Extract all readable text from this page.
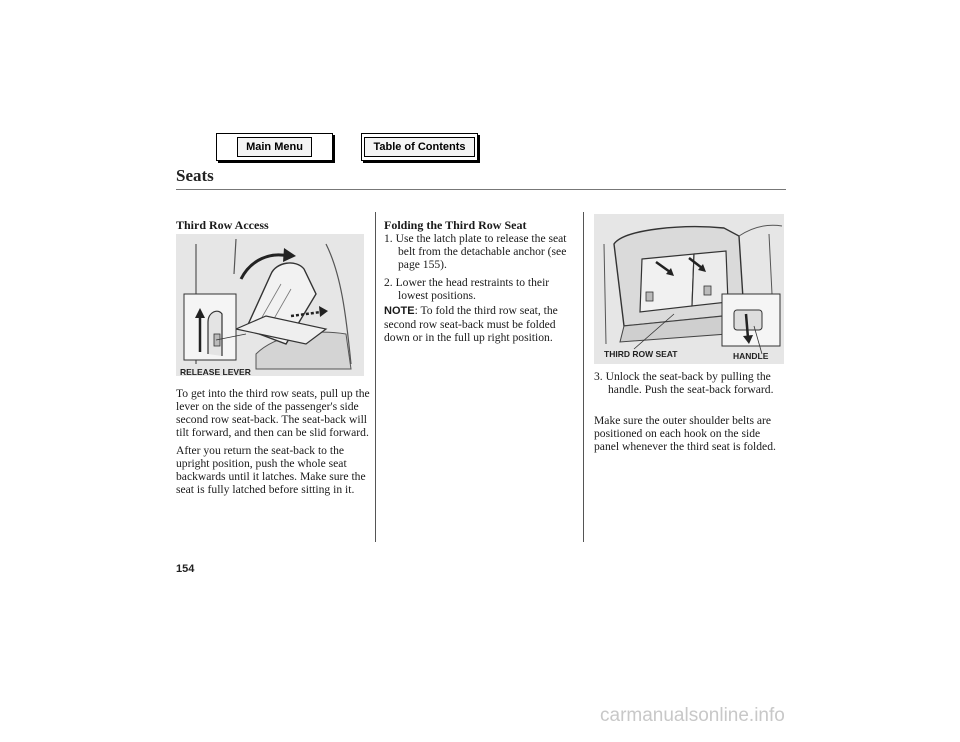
Main Menu	Table of Contents
Seats
Third Row Access
RELEASE LEVER

To get into the third row seats, pull up the lever on the side of the passenger's side second row seat-back. The seat-back will tilt forward, and then can be slid forward.

After you return the seat-back to the upright position, push the whole seat backwards until it latches. Make sure the seat is fully latched before sitting in it.

Folding the Third Row Seat
1. Use the latch plate to release the seat belt from the detachable anchor (see page 155).
2. Lower the head restraints to their lowest positions.
NOTE: To fold the third row seat, the second row seat-back must be folded down or in the full up right position.
THIRD ROW SEAT	HANDLE
3. Unlock the seat-back by pulling the handle. Push the seat-back forward.

Make sure the outer shoulder belts are positioned on each hook on the side panel whenever the third seat is folded.

154
carmanualsonline.info
